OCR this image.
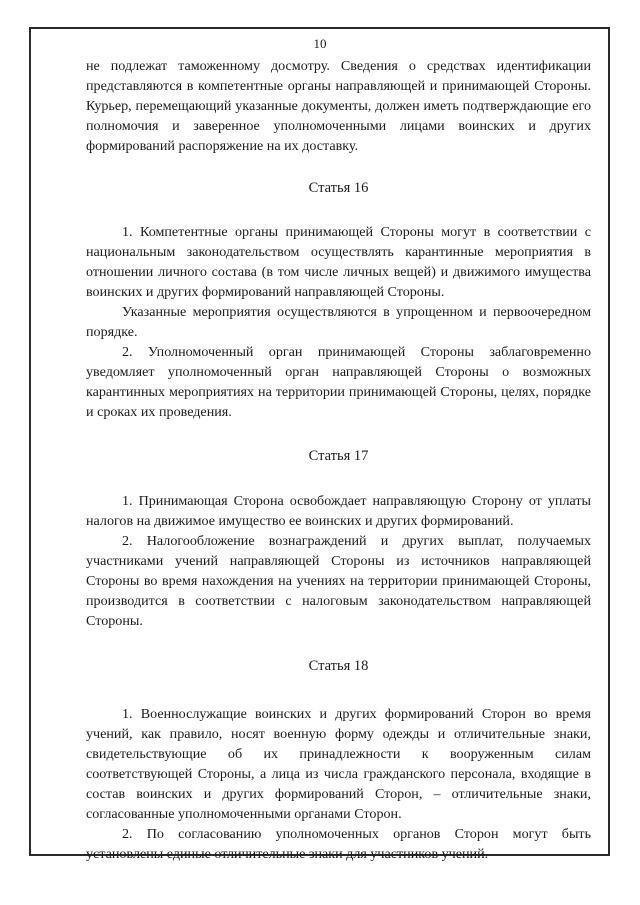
10

не подлежат таможенному досмотру. Сведения о средствах идентификации представляются в компетентные органы направляющей и принимающей Стороны. Курьер, перемещающий указанные документы, должен иметь подтверждающие его полномочия и заверенное уполномоченными лицами воинских и других формирований распоряжение на их доставку.

Статья 16

1. Компетентные органы принимающей Стороны могут в соответствии с национальным законодательством осуществлять карантинные мероприятия в отношении личного состава (в том числе личных вещей) и движимого имущества воинских и других формирований направляющей Стороны.

Указанные мероприятия осуществляются в упрощенном и первоочередном порядке.

2. Уполномоченный орган принимающей Стороны заблаговременно уведомляет уполномоченный орган направляющей Стороны о возможных карантинных мероприятиях на территории принимающей Стороны, целях, порядке и сроках их проведения.

Статья 17

1. Принимающая Сторона освобождает направляющую Сторону от уплаты налогов на движимое имущество ее воинских и других формирований.

2. Налогообложение вознаграждений и других выплат, получаемых участниками учений направляющей Стороны из источников направляющей Стороны во время нахождения на учениях на территории принимающей Стороны, производится в соответствии с налоговым законодательством направляющей Стороны.

Статья 18

1. Военнослужащие воинских и других формирований Сторон во время учений, как правило, носят военную форму одежды и отличительные знаки, свидетельствующие об их принадлежности к вооруженным силам соответствующей Стороны, а лица из числа гражданского персонала, входящие в состав воинских и других формирований Сторон, – отличительные знаки, согласованные уполномоченными органами Сторон.

2. По согласованию уполномоченных органов Сторон могут быть установлены единые отличительные знаки для участников учений.
